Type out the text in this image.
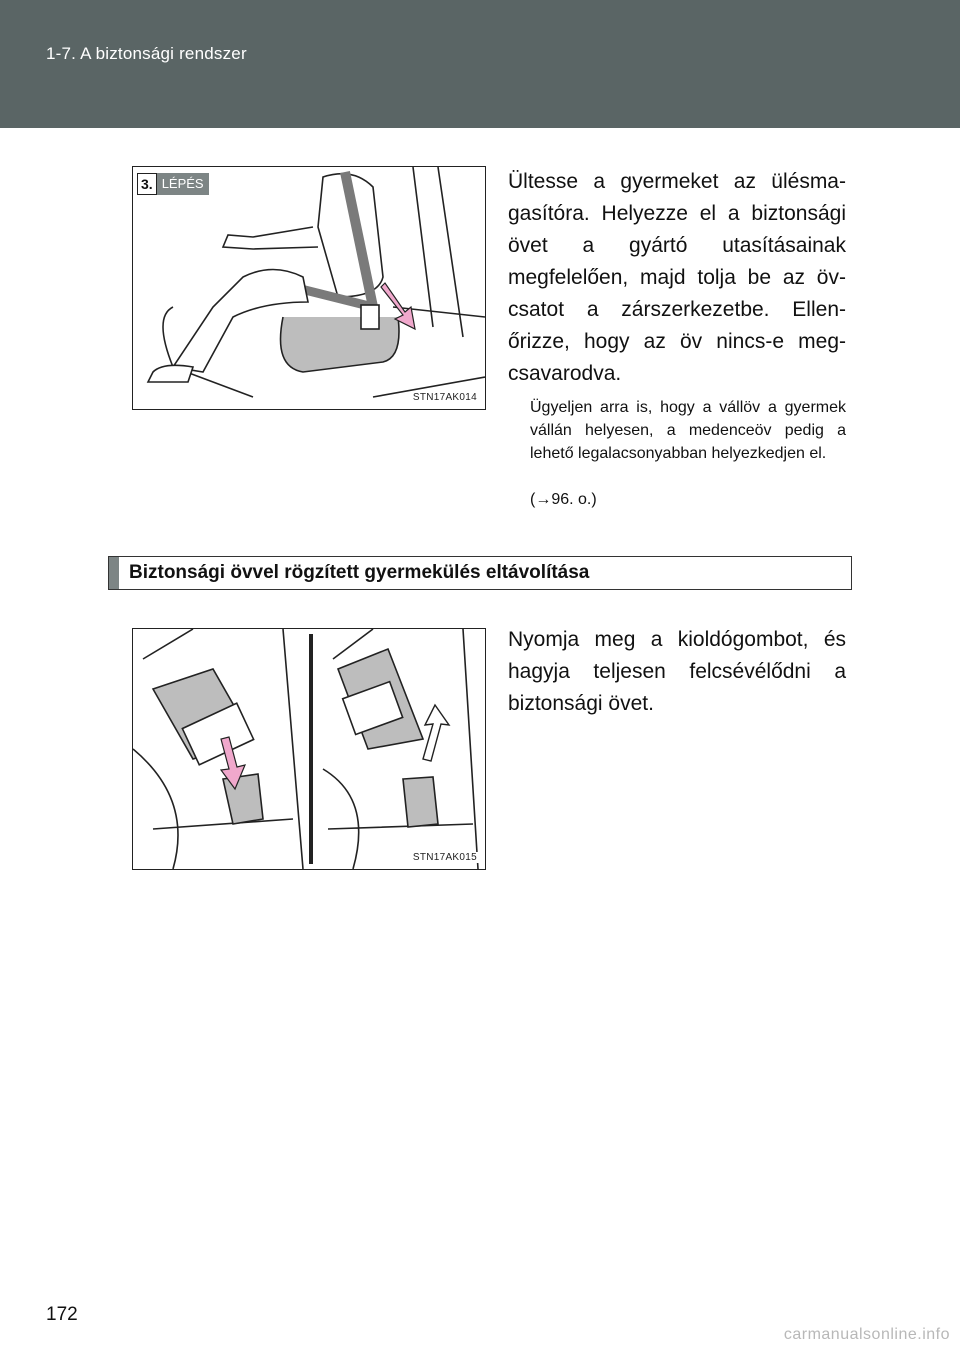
1-7. A biztonsági rendszer
3. LÉPÉS
STN17AK014
Ültesse a gyermeket az ülésmagasítóra. Helyezze el a biztonsági övet a gyártó utasításainak megfelelően, majd tolja be az övcsatot a zárszerkezetbe. Ellenőrizze, hogy az öv nincs-e megcsavarodva.
Ügyeljen arra is, hogy a vállöv a gyermek vállán helyesen, a medenceöv pedig a lehető legalacsonyabban helyezkedjen el.
(→96. o.)
Biztonsági övvel rögzített gyermekülés eltávolítása
STN17AK015
Nyomja meg a kioldógombot, és hagyja teljesen felcsévélődni a biztonsági övet.
172
carmanualsonline.info
